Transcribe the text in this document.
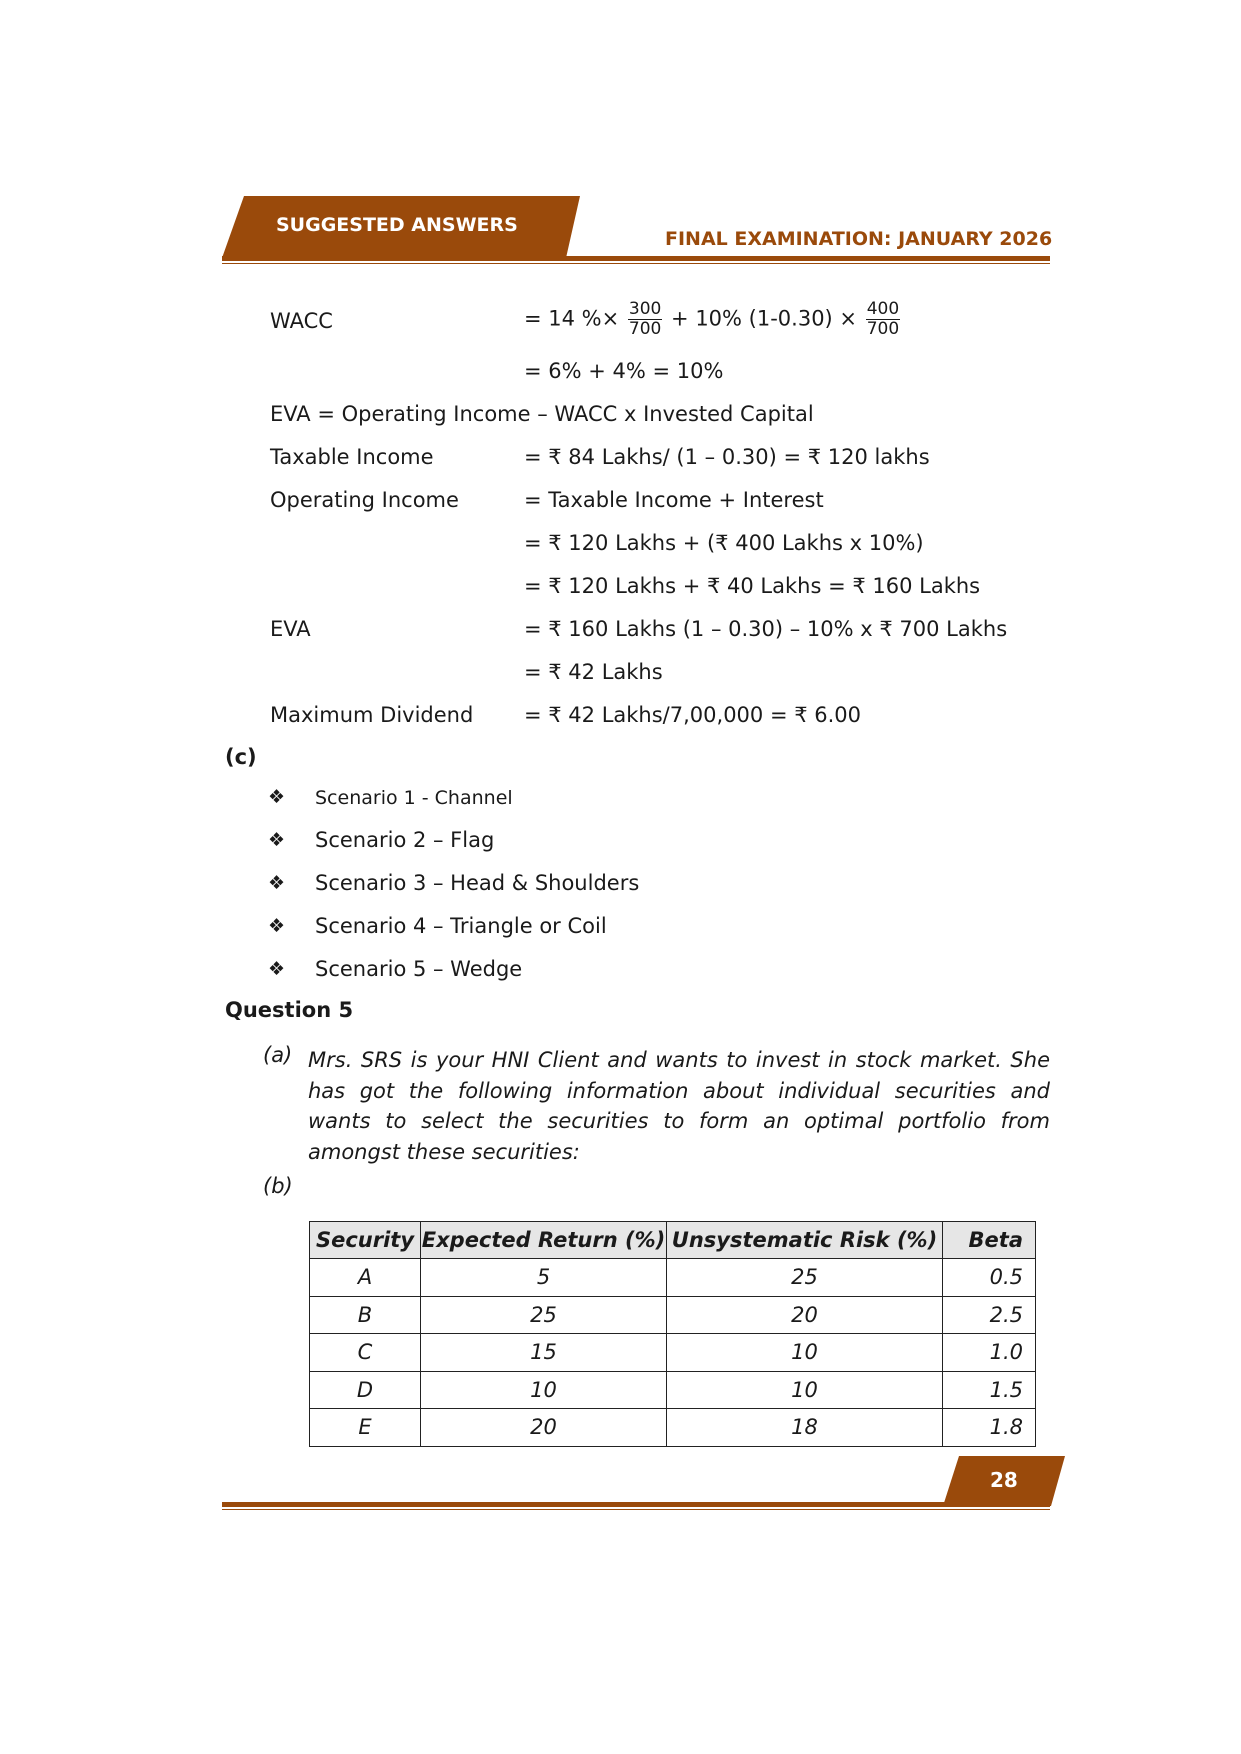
SUGGESTED ANSWERS
FINAL EXAMINATION: JANUARY 2026
WACC	= 14 %× $\frac{300}{700} + 10\%$ $(1-0.30) \times \frac{400}{700}$
= 6% + 4% = 10%
EVA = Operating Income – WACC x Invested Capital
Taxable Income	= ₹ 84 Lakhs/ (1 – 0.30) = ₹ 120 lakhs
Operating Income	= Taxable Income + Interest
= ₹ 120 Lakhs + (₹ 400 Lakhs x 10%)
= ₹ 120 Lakhs + ₹ 40 Lakhs = ₹ 160 Lakhs
EVA	= ₹ 160 Lakhs (1 – 0.30) – 10% x ₹ 700 Lakhs
= ₹ 42 Lakhs
Maximum Dividend = ₹ 42 Lakhs/7,00,000 = ₹ 6.00
(c)
❖ Scenario 1 - Channel
❖ Scenario 2 – Flag
❖ Scenario 3 – Head & Shoulders
❖ Scenario 4 – Triangle or Coil
❖ Scenario 5 – Wedge
Question 5
(a) Mrs. SRS is your HNI Client and wants to invest in stock market. She has got the following information about individual securities and wants to select the securities to form an optimal portfolio from amongst these securities:
(b)
Security	Expected Return (%)	Unsystematic Risk (%)	Beta
A	5	25	0.5
B	25	20	2.5
C	15	10	1.0
D	10	10	1.5
E	20	18	1.8
28
